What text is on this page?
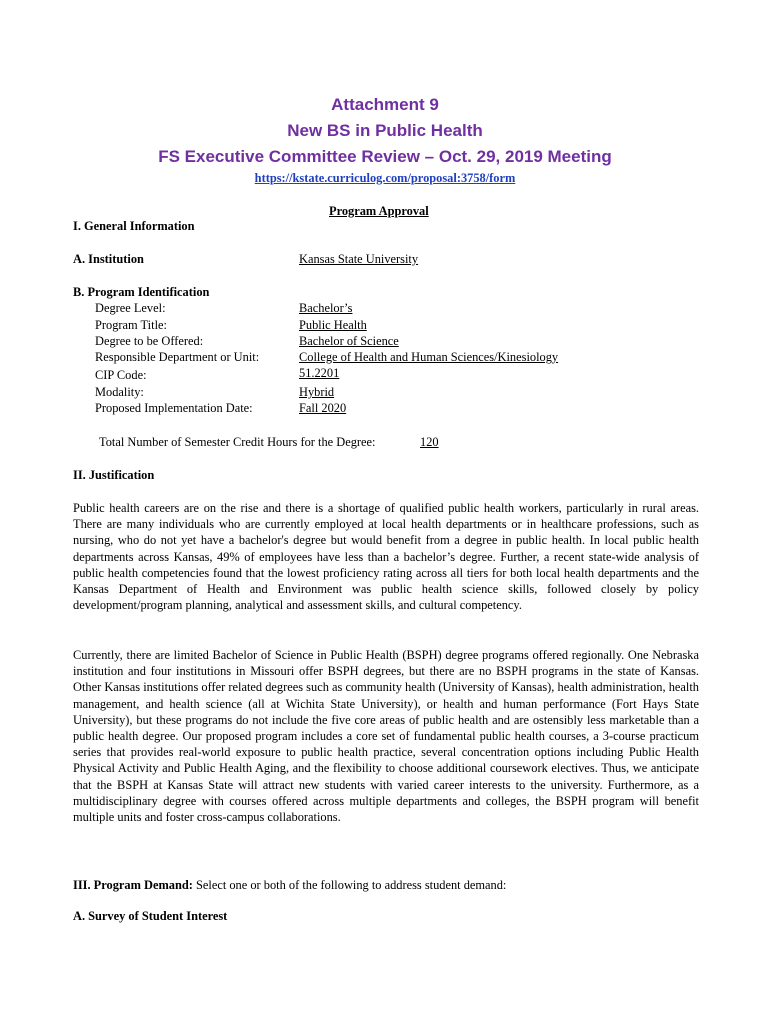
Attachment 9
New BS in Public Health
FS Executive Committee Review – Oct. 29, 2019 Meeting
https://kstate.curriculog.com/proposal:3758/form
Program Approval
I. General Information
A. Institution	Kansas State University
B. Program Identification
Degree Level:	Bachelor’s
Program Title:	Public Health
Degree to be Offered:	Bachelor of Science
Responsible Department or Unit:	College of Health and Human Sciences/Kinesiology
CIP Code:	51.2201
Modality:	Hybrid
Proposed Implementation Date:	Fall 2020
Total Number of Semester Credit Hours for the Degree:	120
II. Justification
Public health careers are on the rise and there is a shortage of qualified public health workers, particularly in rural areas. There are many individuals who are currently employed at local health departments or in healthcare professions, such as nursing, who do not yet have a bachelor's degree but would benefit from a degree in public health. In local public health departments across Kansas, 49% of employees have less than a bachelor’s degree. Further, a recent state-wide analysis of public health competencies found that the lowest proficiency rating across all tiers for both local health departments and the Kansas Department of Health and Environment was public health science skills, followed closely by policy development/program planning, analytical and assessment skills, and cultural competency.
Currently, there are limited Bachelor of Science in Public Health (BSPH) degree programs offered regionally. One Nebraska institution and four institutions in Missouri offer BSPH degrees, but there are no BSPH programs in the state of Kansas. Other Kansas institutions offer related degrees such as community health (University of Kansas), health administration, health management, and health science (all at Wichita State University), or health and human performance (Fort Hays State University), but these programs do not include the five core areas of public health and are ostensibly less marketable than a public health degree. Our proposed program includes a core set of fundamental public health courses, a 3-course practicum series that provides real-world exposure to public health practice, several concentration options including Public Health Physical Activity and Public Health Aging, and the flexibility to choose additional coursework electives. Thus, we anticipate that the BSPH at Kansas State will attract new students with varied career interests to the university. Furthermore, as a multidisciplinary degree with courses offered across multiple departments and colleges, the BSPH program will benefit multiple units and foster cross-campus collaborations.
III. Program Demand: Select one or both of the following to address student demand:
A. Survey of Student Interest
